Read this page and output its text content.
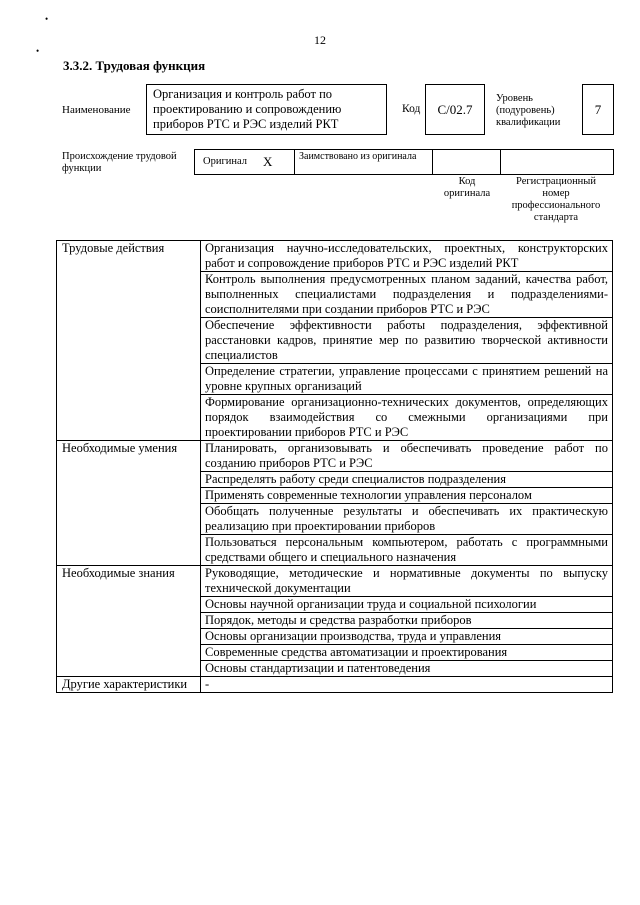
•
•
12
3.3.2. Трудовая функция
Наименование
Организация и контроль работ по проектированию и сопровождению приборов РТС и РЭС изделий РКТ
Код C/02.7
Уровень (подуровень) квалификации
7
Происхождение трудовой функции
Оригинал X	Заимствовано из оригинала
Код оригинала
Регистрационный номер профессионального стандарта
Трудовые действия	Организация научно-исследовательских, проектных, конструкторских работ и сопровождение приборов РТС и РЭС изделий РКТ
	Контроль выполнения предусмотренных планом заданий, качества работ, выполненных специалистами подразделения и подразделениями-соисполнителями при создании приборов РТС и РЭС
	Обеспечение эффективности работы подразделения, эффективной расстановки кадров, принятие мер по развитию творческой активности специалистов
	Определение стратегии, управление процессами с принятием решений на уровне крупных организаций
	Формирование организационно-технических документов, определяющих порядок взаимодействия со смежными организациями при проектировании приборов РТС и РЭС
Необходимые умения	Планировать, организовывать и обеспечивать проведение работ по созданию приборов РТС и РЭС
	Распределять работу среди специалистов подразделения
	Применять современные технологии управления персоналом
	Обобщать полученные результаты и обеспечивать их практическую реализацию при проектировании приборов
	Пользоваться персональным компьютером, работать с программными средствами общего и специального назначения
Необходимые знания	Руководящие, методические и нормативные документы по выпуску технической документации
	Основы научной организации труда и социальной психологии
	Порядок, методы и средства разработки приборов
	Основы организации производства, труда и управления
	Современные средства автоматизации и проектирования
	Основы стандартизации и патентоведения
Другие характеристики	-
